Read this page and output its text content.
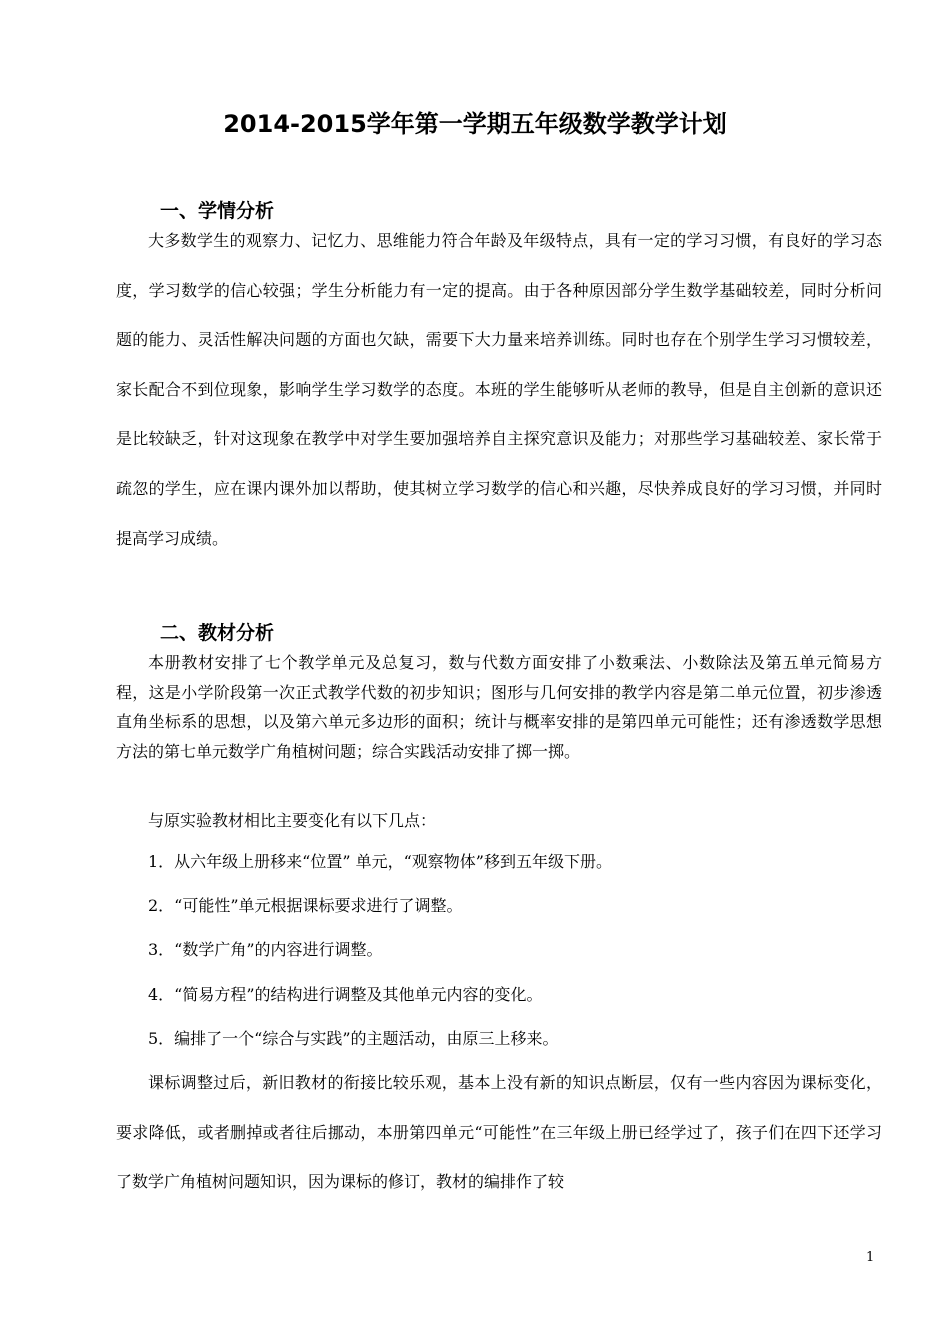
2014-2015学年第一学期五年级数学教学计划
一、学情分析

大多数学生的观察力、记忆力、思维能力符合年龄及年级特点，具有一定的学习习惯，有良好的学习态度，学习数学的信心较强；学生分析能力有一定的提高。由于各种原因部分学生数学基础较差，同时分析问题的能力、灵活性解决问题的方面也欠缺，需要下大力量来培养训练。同时也存在个别学生学习习惯较差，家长配合不到位现象，影响学生学习数学的态度。本班的学生能够听从老师的教导，但是自主创新的意识还是比较缺乏，针对这现象在教学中对学生要加强培养自主探究意识及能力；对那些学习基础较差、家长常于疏忽的学生，应在课内课外加以帮助，使其树立学习数学的信心和兴趣，尽快养成良好的学习习惯，并同时提高学习成绩。

二、教材分析

本册教材安排了七个教学单元及总复习，数与代数方面安排了小数乘法、小数除法及第五单元简易方程，这是小学阶段第一次正式教学代数的初步知识；图形与几何安排的教学内容是第二单元位置，初步渗透直角坐标系的思想，以及第六单元多边形的面积；统计与概率安排的是第四单元可能性；还有渗透数学思想方法的第七单元数学广角植树问题；综合实践活动安排了掷一掷。

与原实验教材相比主要变化有以下几点：

1．从六年级上册移来“位置” 单元，“观察物体”移到五年级下册。

2．“可能性”单元根据课标要求进行了调整。

3．“数学广角”的内容进行调整。

4．“简易方程”的结构进行调整及其他单元内容的变化。

5．编排了一个“综合与实践”的主题活动，由原三上移来。

课标调整过后，新旧教材的衔接比较乐观，基本上没有新的知识点断层，仅有一些内容因为课标变化，要求降低，或者删掉或者往后挪动，本册第四单元“可能性”在三年级上册已经学过了，孩子们在四下还学习了数学广角植树问题知识，因为课标的修订，教材的编排作了较

1
